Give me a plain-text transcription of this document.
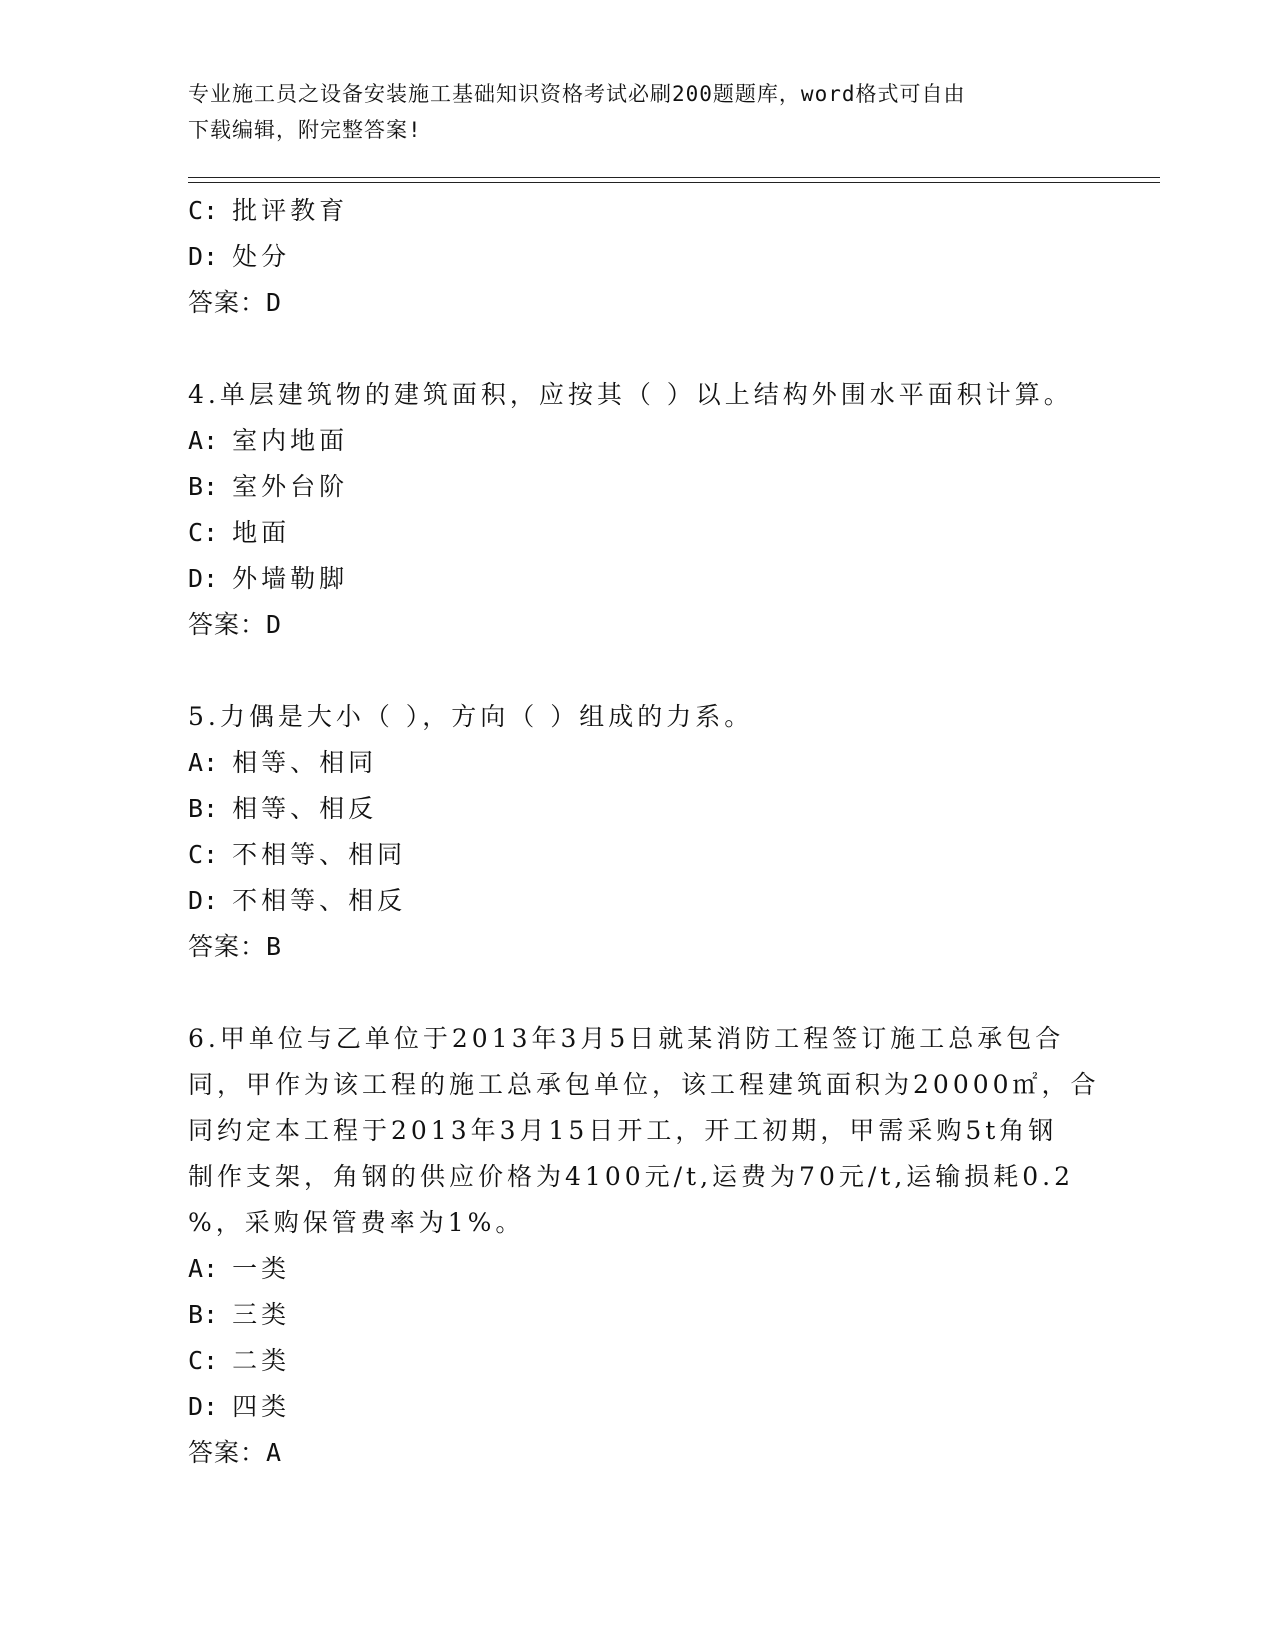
专业施工员之设备安装施工基础知识资格考试必刷200题题库，word格式可自由
下载编辑，附完整答案!
C: 批评教育
D: 处分
答案：D
4.单层建筑物的建筑面积，应按其（ ）以上结构外围水平面积计算。
A: 室内地面
B: 室外台阶
C: 地面
D: 外墙勒脚
答案：D
5.力偶是大小（ ），方向（ ）组成的力系。
A: 相等、相同
B: 相等、相反
C: 不相等、相同
D: 不相等、相反
答案：B
6.甲单位与乙单位于2013年3月5日就某消防工程签订施工总承包合
同，甲作为该工程的施工总承包单位，该工程建筑面积为20000㎡，合
同约定本工程于2013年3月15日开工，开工初期，甲需采购5t角钢
制作支架，角钢的供应价格为4100元/t,运费为70元/t,运输损耗0.2
%，采购保管费率为1%。
A: 一类
B: 三类
C: 二类
D: 四类
答案：A
